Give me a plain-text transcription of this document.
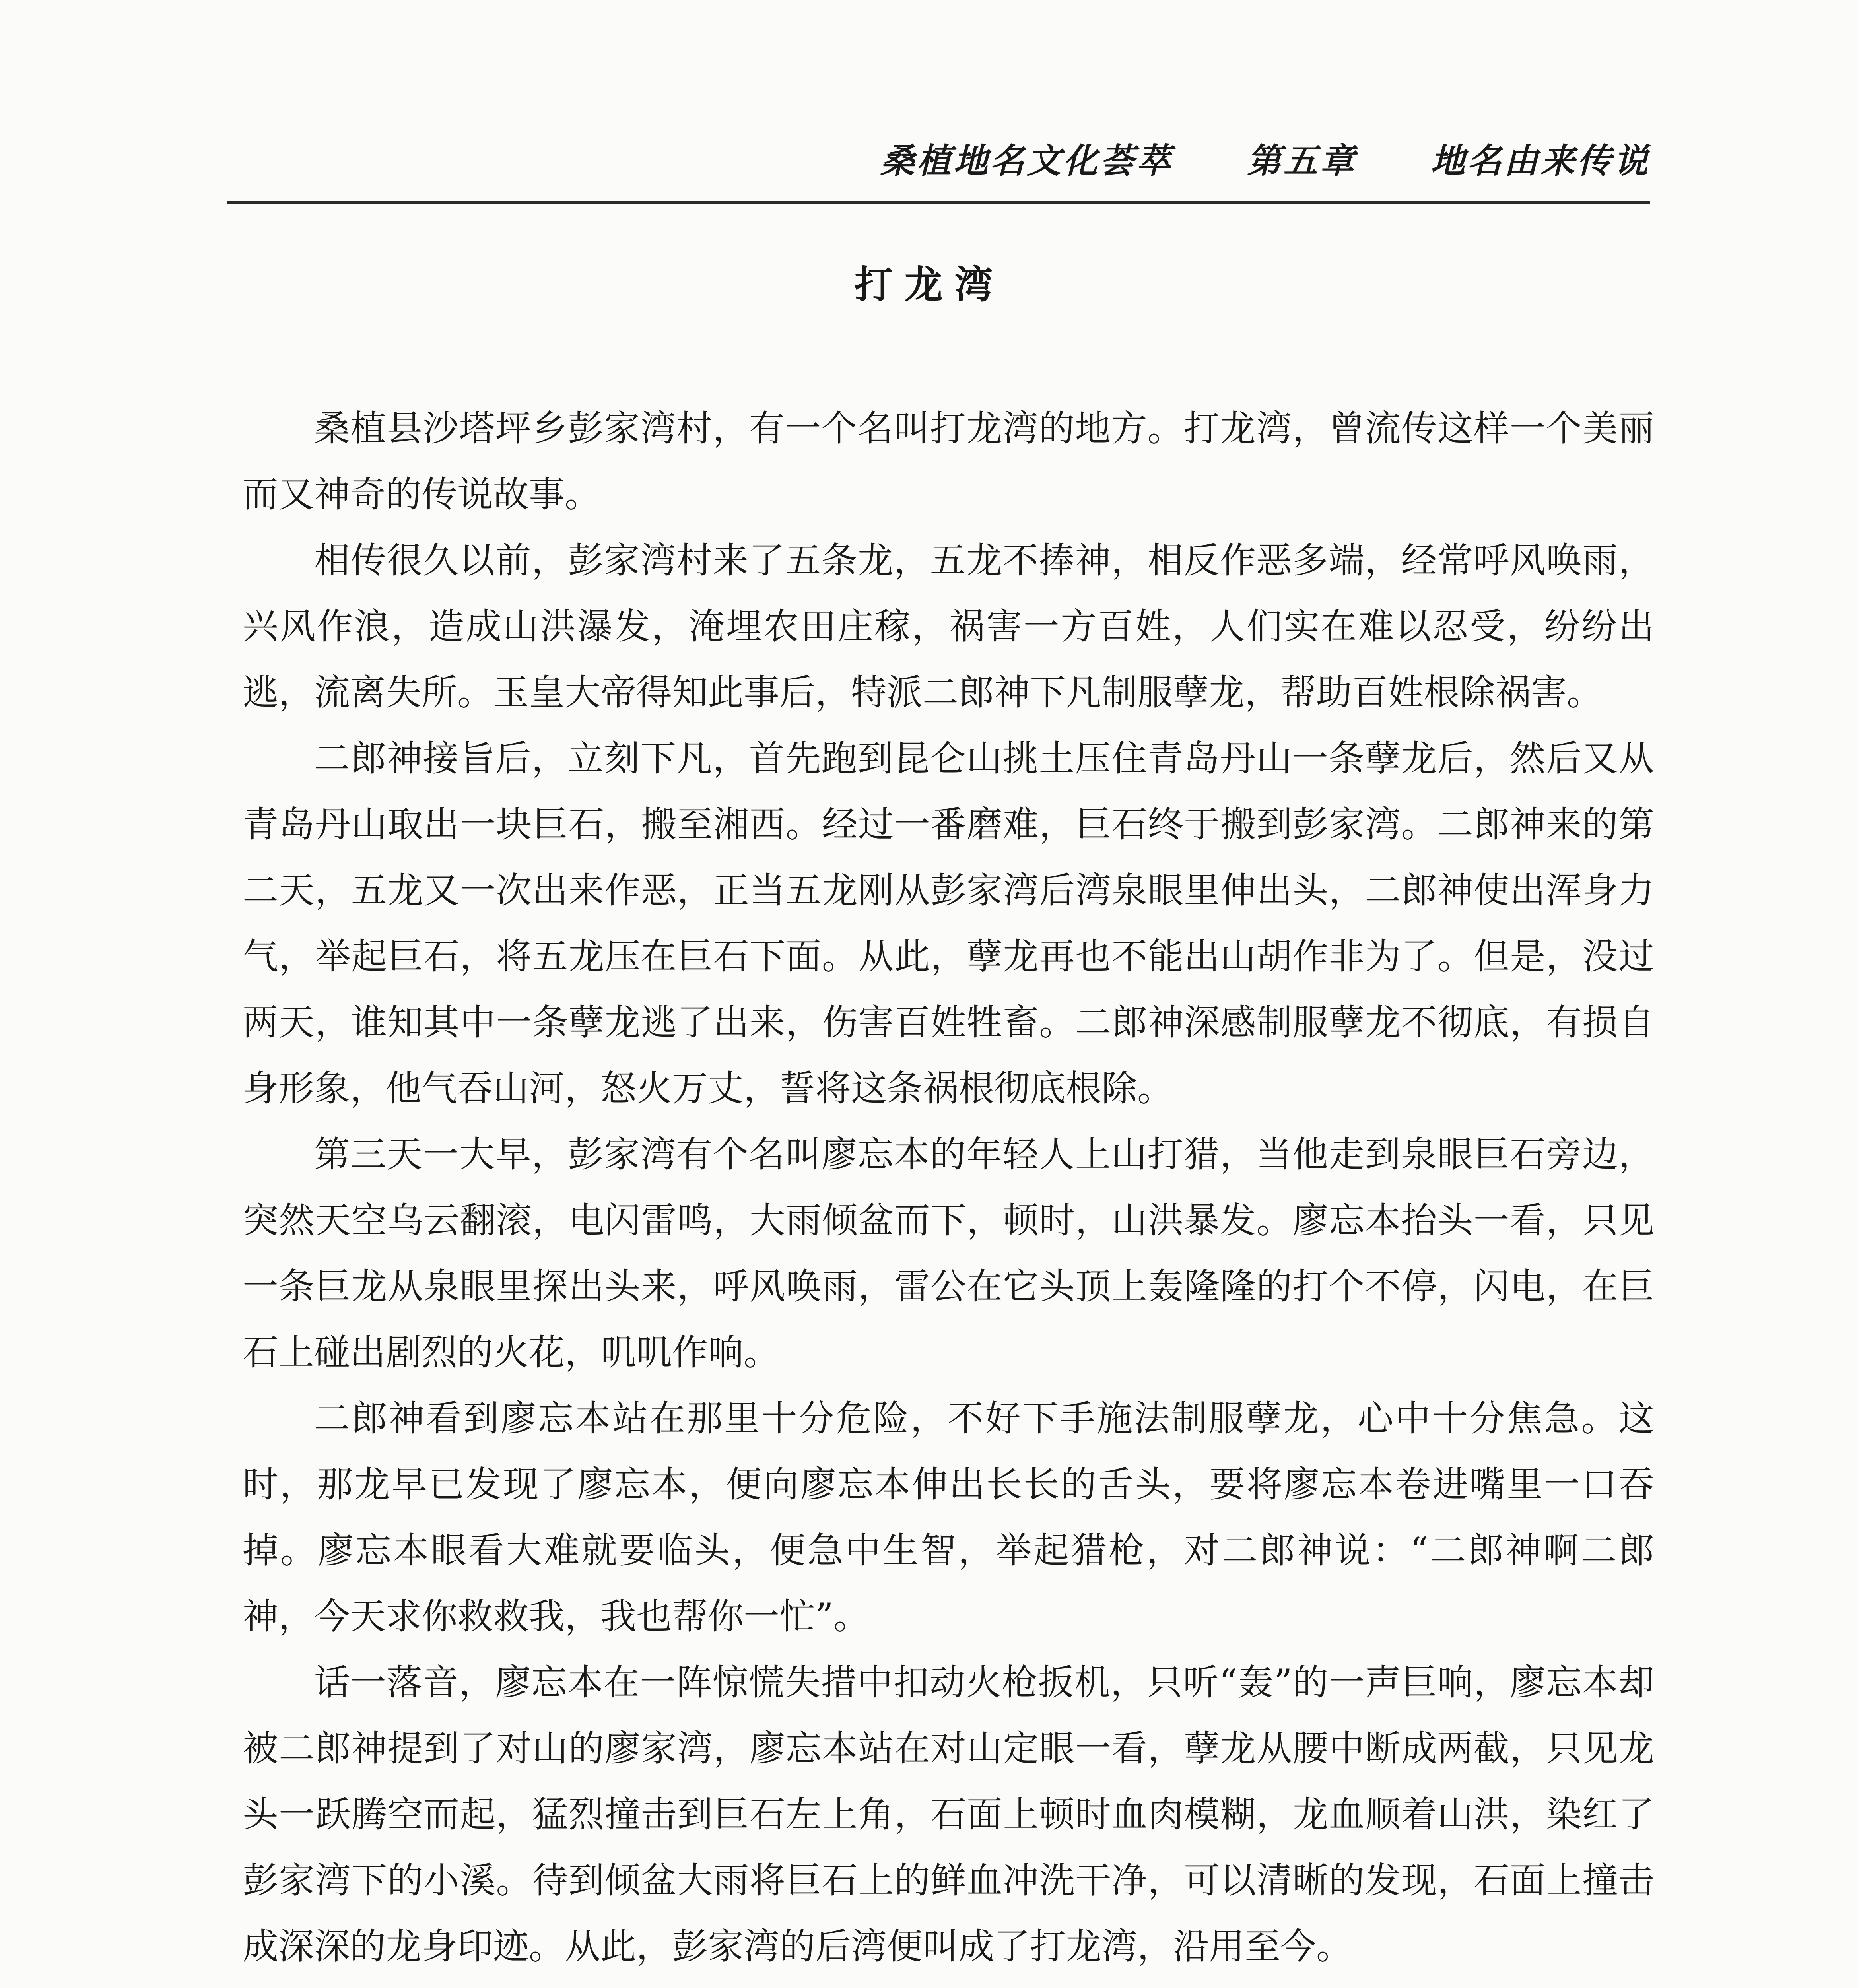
桑植地名文化荟萃 第五章 地名由来传说
打龙湾

桑植县沙塔坪乡彭家湾村，有一个名叫打龙湾的地方。打龙湾，曾流传这样一个美丽而又神奇的传说故事。

相传很久以前，彭家湾村来了五条龙，五龙不捧神，相反作恶多端，经常呼风唤雨，兴风作浪，造成山洪瀑发，淹埋农田庄稼，祸害一方百姓，人们实在难以忍受，纷纷出逃，流离失所。玉皇大帝得知此事后，特派二郎神下凡制服孽龙，帮助百姓根除祸害。

二郎神接旨后，立刻下凡，首先跑到昆仑山挑土压住青岛丹山一条孽龙后，然后又从青岛丹山取出一块巨石，搬至湘西。经过一番磨难，巨石终于搬到彭家湾。二郎神来的第二天，五龙又一次出来作恶，正当五龙刚从彭家湾后湾泉眼里伸出头，二郎神使出浑身力气，举起巨石，将五龙压在巨石下面。从此，孽龙再也不能出山胡作非为了。但是，没过两天，谁知其中一条孽龙逃了出来，伤害百姓牲畜。二郎神深感制服孽龙不彻底，有损自身形象，他气吞山河，怒火万丈，誓将这条祸根彻底根除。

第三天一大早，彭家湾有个名叫廖忘本的年轻人上山打猎，当他走到泉眼巨石旁边，突然天空乌云翻滚，电闪雷鸣，大雨倾盆而下，顿时，山洪暴发。廖忘本抬头一看，只见一条巨龙从泉眼里探出头来，呼风唤雨，雷公在它头顶上轰隆隆的打个不停，闪电，在巨石上碰出剧烈的火花，叽叽作响。

二郎神看到廖忘本站在那里十分危险，不好下手施法制服孽龙，心中十分焦急。这时，那龙早已发现了廖忘本，便向廖忘本伸出长长的舌头，要将廖忘本卷进嘴里一口吞掉。廖忘本眼看大难就要临头，便急中生智，举起猎枪，对二郎神说：“二郎神啊二郎神，今天求你救救我，我也帮你一忙”。

话一落音，廖忘本在一阵惊慌失措中扣动火枪扳机，只听“轰”的一声巨响，廖忘本却被二郎神提到了对山的廖家湾，廖忘本站在对山定眼一看，孽龙从腰中断成两截，只见龙头一跃腾空而起，猛烈撞击到巨石左上角，石面上顿时血肉模糊，龙血顺着山洪，染红了彭家湾下的小溪。待到倾盆大雨将巨石上的鲜血冲洗干净，可以清晰的发现，石面上撞击成深深的龙身印迹。从此，彭家湾的后湾便叫成了打龙湾，沿用至今。
